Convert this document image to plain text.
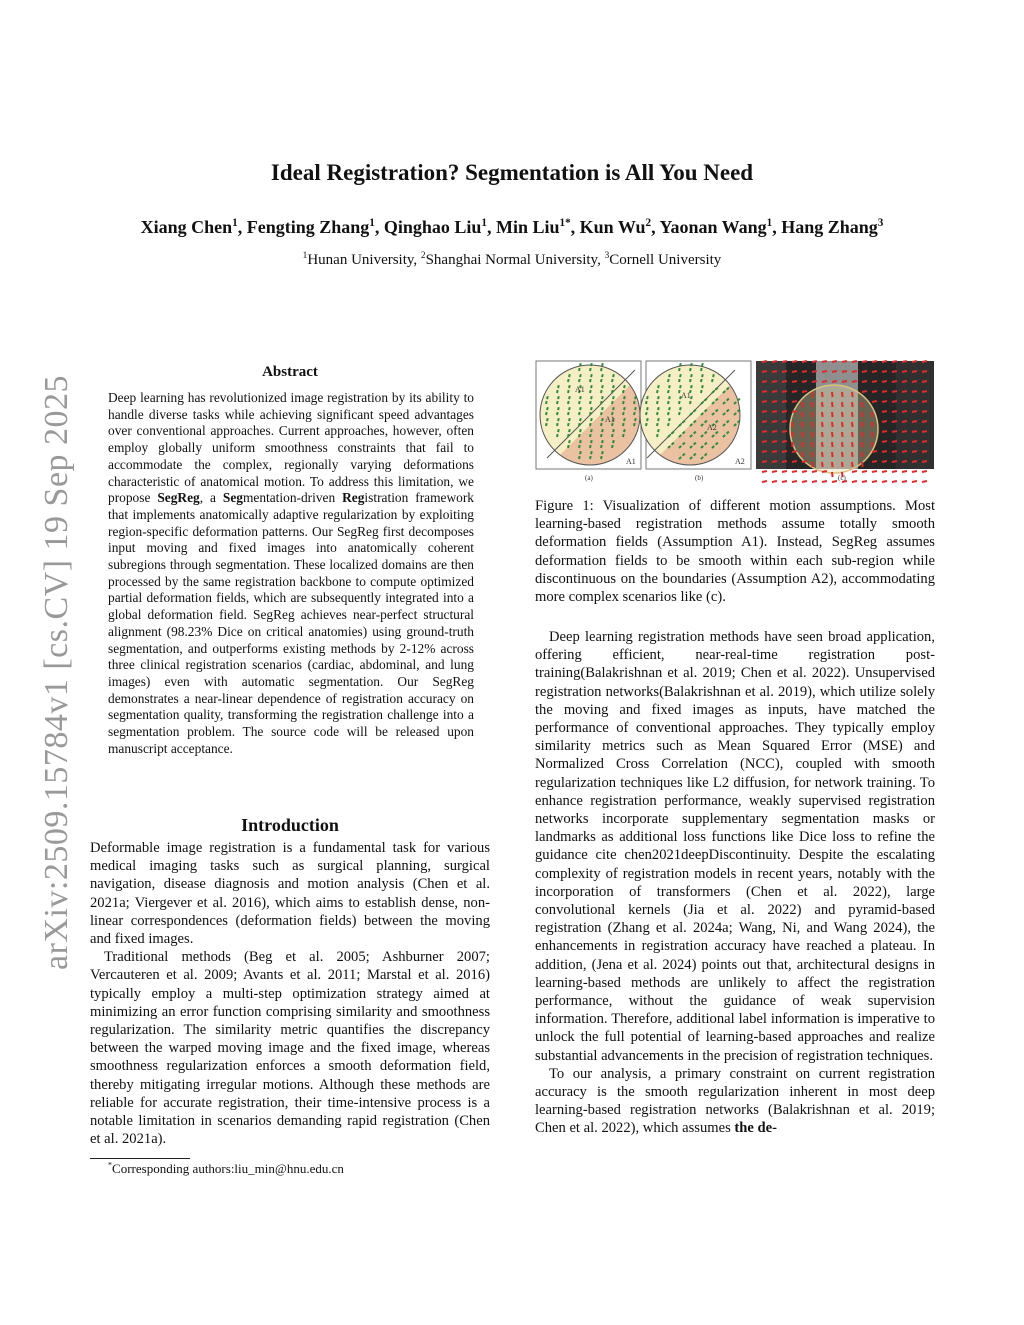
Ideal Registration? Segmentation is All You Need
Xiang Chen$^1$, Fengting Zhang$^1$, Qinghao Liu$^1$, Min Liu$^{1*}$, Kun Wu$^2$, Yaonan Wang$^1$, Hang Zhang$^3$
$^1$Hunan University, $^2$Shanghai Normal University, $^3$Cornell University
arXiv:2509.15784v1 [cs.CV] 19 Sep 2025
Abstract
Deep learning has revolutionized image registration by its ability to handle diverse tasks while achieving significant speed advantages over conventional approaches. Current approaches, however, often employ globally uniform smoothness constraints that fail to accommodate the complex, regionally varying deformations characteristic of anatomical motion. To address this limitation, we propose SegReg, a Segmentation-driven Registration framework that implements anatomically adaptive regularization by exploiting region-specific deformation patterns. Our SegReg first decomposes input moving and fixed images into anatomically coherent subregions through segmentation. These localized domains are then processed by the same registration backbone to compute optimized partial deformation fields, which are subsequently integrated into a global deformation field. SegReg achieves near-perfect structural alignment (98.23% Dice on critical anatomies) using ground-truth segmentation, and outperforms existing methods by 2-12% across three clinical registration scenarios (cardiac, abdominal, and lung images) even with automatic segmentation. Our SegReg demonstrates a near-linear dependence of registration accuracy on segmentation quality, transforming the registration challenge into a segmentation problem. The source code will be released upon manuscript acceptance.
Introduction

Deformable image registration is a fundamental task for various medical imaging tasks such as surgical planning, surgical navigation, disease diagnosis and motion analysis (Chen et al. 2021a; Viergever et al. 2016), which aims to establish dense, non-linear correspondences (deformation fields) between the moving and fixed images.

Traditional methods (Beg et al. 2005; Ashburner 2007; Vercauteren et al. 2009; Avants et al. 2011; Marstal et al. 2016) typically employ a multi-step optimization strategy aimed at minimizing an error function comprising similarity and smoothness regularization. The similarity metric quantifies the discrepancy between the warped moving image and the fixed image, whereas smoothness regularization enforces a smooth deformation field, thereby mitigating irregular motions. Although these methods are reliable for accurate registration, their time-intensive process is a notable limitation in scenarios demanding rapid registration (Chen et al. 2021a).

*Corresponding authors:liu_min@hnu.edu.cn
A1
A1
A1
(a)
A1
A2
A2
(b)	(c)

Figure 1: Visualization of different motion assumptions. Most learning-based registration methods assume totally smooth deformation fields (Assumption A1). Instead, SegReg assumes deformation fields to be smooth within each sub-region while discontinuous on the boundaries (Assumption A2), accommodating more complex scenarios like (c).

Deep learning registration methods have seen broad application, offering efficient, near-real-time registration post-training(Balakrishnan et al. 2019; Chen et al. 2022). Unsupervised registration networks(Balakrishnan et al. 2019), which utilize solely the moving and fixed images as inputs, have matched the performance of conventional approaches. They typically employ similarity metrics such as Mean Squared Error (MSE) and Normalized Cross Correlation (NCC), coupled with smooth regularization techniques like L2 diffusion, for network training. To enhance registration performance, weakly supervised registration networks incorporate supplementary segmentation masks or landmarks as additional loss functions like Dice loss to refine the guidance cite chen2021deepDiscontinuity. Despite the escalating complexity of registration models in recent years, notably with the incorporation of transformers (Chen et al. 2022), large convolutional kernels (Jia et al. 2022) and pyramid-based registration (Zhang et al. 2024a; Wang, Ni, and Wang 2024), the enhancements in registration accuracy have reached a plateau. In addition, (Jena et al. 2024) points out that, architectural designs in learning-based methods are unlikely to affect the registration performance, without the guidance of weak supervision information. Therefore, additional label information is imperative to unlock the full potential of learning-based approaches and realize substantial advancements in the precision of registration techniques.

To our analysis, a primary constraint on current registration accuracy is the smooth regularization inherent in most deep learning-based registration networks (Balakrishnan et al. 2019; Chen et al. 2022), which assumes the de-
